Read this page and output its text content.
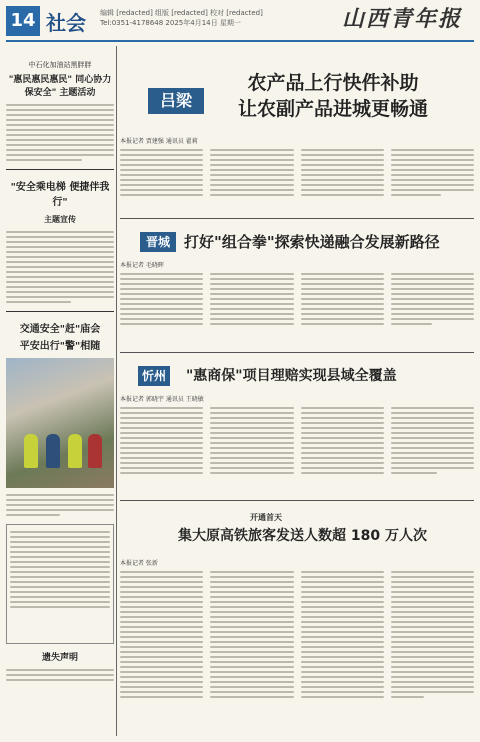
14 社会 编辑 [redacted] 组版 [redacted] 校对 [redacted]
Tel:0351-4178648 2025年4月14日 星期一	山西青年报
中石化加油站黑胖胖
"惠民惠民惠民" 同心协力保安全" 主题活动
"安全乘电梯 便捷伴我行"
主题宣传
交通安全"赶"庙会
平安出行"警"相随
遗失声明
吕梁
农产品上行快件补助
让农副产品进城更畅通
本报记者 贾建强 通讯员 翟莉
晋城 打好"组合拳"探索快递融合发展新路径
本报记者 毛晓晖
忻州 "惠商保"项目理赔实现县域全覆盖
本报记者 郭晓宇 通讯员 王晓敏
开通首天
集大原高铁旅客发送人数超 180 万人次
本报记者 张新
